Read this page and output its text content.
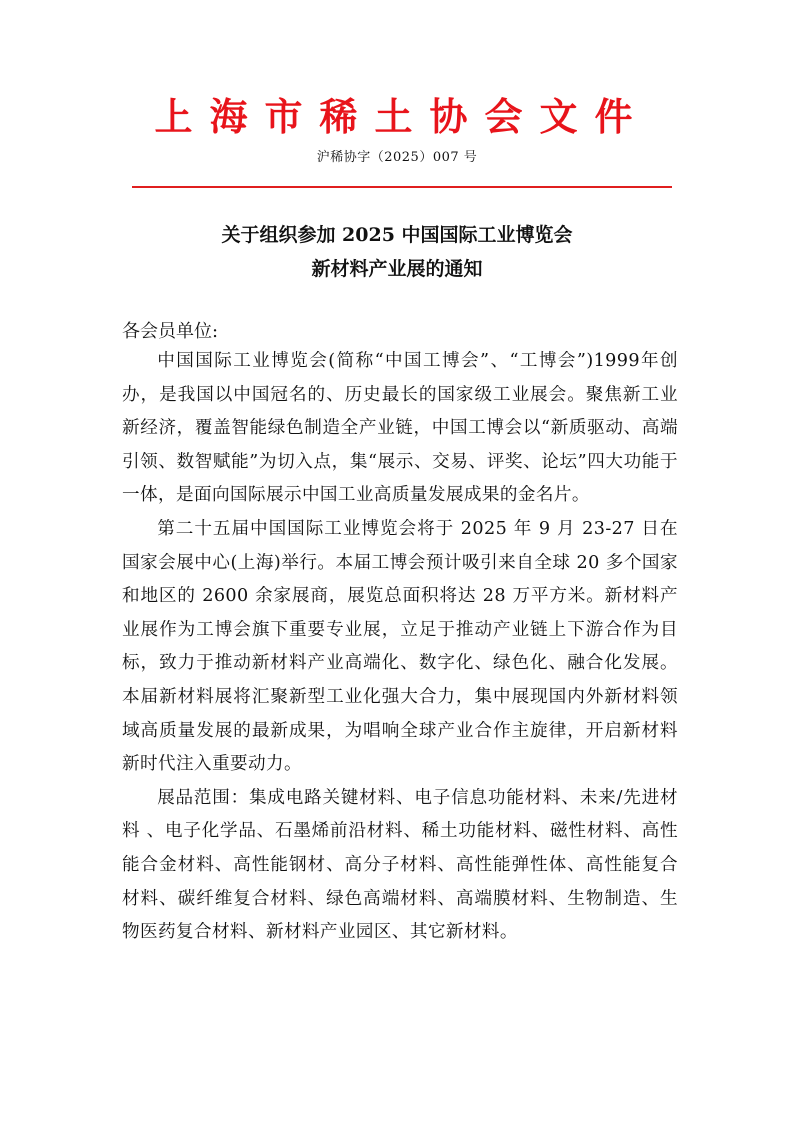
上海市稀土协会文件
沪稀协字（2025）007 号
关于组织参加 2025 中国国际工业博览会
新材料产业展的通知
各会员单位:

中国国际工业博览会(简称“中国工博会”、“工博会”)1999年创办，是我国以中国冠名的、历史最长的国家级工业展会。聚焦新工业新经济，覆盖智能绿色制造全产业链，中国工博会以“新质驱动、高端引领、数智赋能”为切入点，集“展示、交易、评奖、论坛”四大功能于一体，是面向国际展示中国工业高质量发展成果的金名片。

第二十五届中国国际工业博览会将于 2025 年 9 月 23-27 日在国家会展中心(上海)举行。本届工博会预计吸引来自全球 20 多个国家和地区的 2600 余家展商，展览总面积将达 28 万平方米。新材料产业展作为工博会旗下重要专业展，立足于推动产业链上下游合作为目标，致力于推动新材料产业高端化、数字化、绿色化、融合化发展。本届新材料展将汇聚新型工业化强大合力，集中展现国内外新材料领域高质量发展的最新成果，为唱响全球产业合作主旋律，开启新材料新时代注入重要动力。

展品范围：集成电路关键材料、电子信息功能材料、未来/先进材料 、电子化学品、石墨烯前沿材料、稀土功能材料、磁性材料、高性能合金材料、高性能钢材、高分子材料、高性能弹性体、高性能复合材料、碳纤维复合材料、绿色高端材料、高端膜材料、生物制造、生物医药复合材料、新材料产业园区、其它新材料。
